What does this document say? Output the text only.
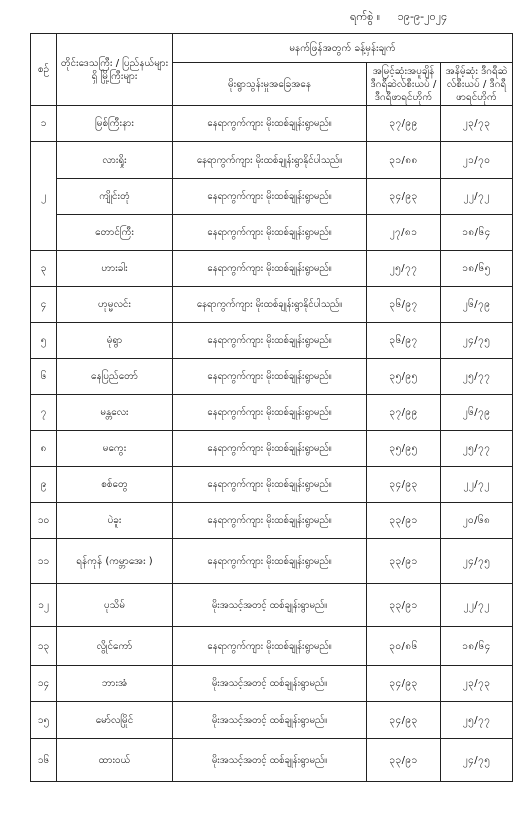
ရက်စွဲ ။ ၁၉-၉-၂၀၂၄
စဉ်	တိုင်းဒေသကြီး / ပြည်နယ်များရှိ မြို့ကြီးများ	မနက်ဖြန်အတွက် ခန့်မှန်းချက်		
		မိုးရွာသွန်းမှုအခြေအနေ	အမြင့်ဆုံးအပူချိန် ဒီဂရီဆဲလ်စီးယပ် /ဒီဂရီဖာရင်ဟိုက်	အနိမ့်ဆုံး ဒီဂရီဆဲလ်စီးယပ် / ဒီဂရီဖာရင်ဟိုက်
၁	မြစ်ကြီးနား	နေရာကွက်ကျား မိုးထစ်ချုန်းရွာမည်။	၃၇/၉၉	၂၃/၇၃
၂	လားရှိုး	နေရာကွက်ကျား မိုးထစ်ချုန်းရွာနိုင်ပါသည်။	၃၁/၈၈	၂၁/၇၀
	ကျိုင်းတုံ	နေရာကွက်ကျား မိုးထစ်ချုန်းရွာမည်။	၃၄/၉၃	၂၂/၇၂
	တောင်ကြီး	နေရာကွက်ကျား မိုးထစ်ချုန်းရွာမည်။	၂၇/၈၁	၁၈/၆၄
၃	ဟားခါး	နေရာကွက်ကျား မိုးထစ်ချုန်းရွာမည်။	၂၅/၇၇	၁၈/၆၅
၄	ဟုမ္မလင်း	နေရာကွက်ကျား မိုးထစ်ချုန်းရွာနိုင်ပါသည်။	၃၆/၉၇	၂၆/၇၉
၅	မုံရွာ	နေရာကွက်ကျား မိုးထစ်ချုန်းရွာမည်။	၃၆/၉၇	၂၄/၇၅
၆	နေပြည်တော်	နေရာကွက်ကျား မိုးထစ်ချုန်းရွာမည်။	၃၅/၉၅	၂၅/၇၇
၇	မန္တလေး	နေရာကွက်ကျား မိုးထစ်ချုန်းရွာမည်။	၃၇/၉၉	၂၆/၇၉
၈	မကွေး	နေရာကွက်ကျား မိုးထစ်ချုန်းရွာမည်။	၃၅/၉၅	၂၅/၇၇
၉	စစ်တွေ	နေရာကွက်ကျား မိုးထစ်ချုန်းရွာမည်။	၃၄/၉၃	၂၂/၇၂
၁၀	ပဲခူး	နေရာကွက်ကျား မိုးထစ်ချုန်းရွာမည်။	၃၃/၉၁	၂၀/၆၈
၁၁	ရန်ကုန် (ကမ္ဘာအေး )	နေရာကွက်ကျား မိုးထစ်ချုန်းရွာမည်။	၃၃/၉၁	၂၄/၇၅
၁၂	ပုသိမ်	မိုးအသင့်အတင့် ထစ်ချုန်းရွာမည်။	၃၃/၉၁	၂၂/၇၂
၁၃	လွိုင်ကော်	နေရာကွက်ကျား မိုးထစ်ချုန်းရွာမည်။	၃၀/၈၆	၁၈/၆၄
၁၄	ဘားအံ	မိုးအသင့်အတင့် ထစ်ချုန်းရွာမည်။	၃၄/၉၃	၂၃/၇၃
၁၅	မော်လမြိုင်	မိုးအသင့်အတင့် ထစ်ချုန်းရွာမည်။	၃၄/၉၃	၂၅/၇၇
၁၆	ထားဝယ်	မိုးအသင့်အတင့် ထစ်ချုန်းရွာမည်။	၃၃/၉၁	၂၄/၇၅
